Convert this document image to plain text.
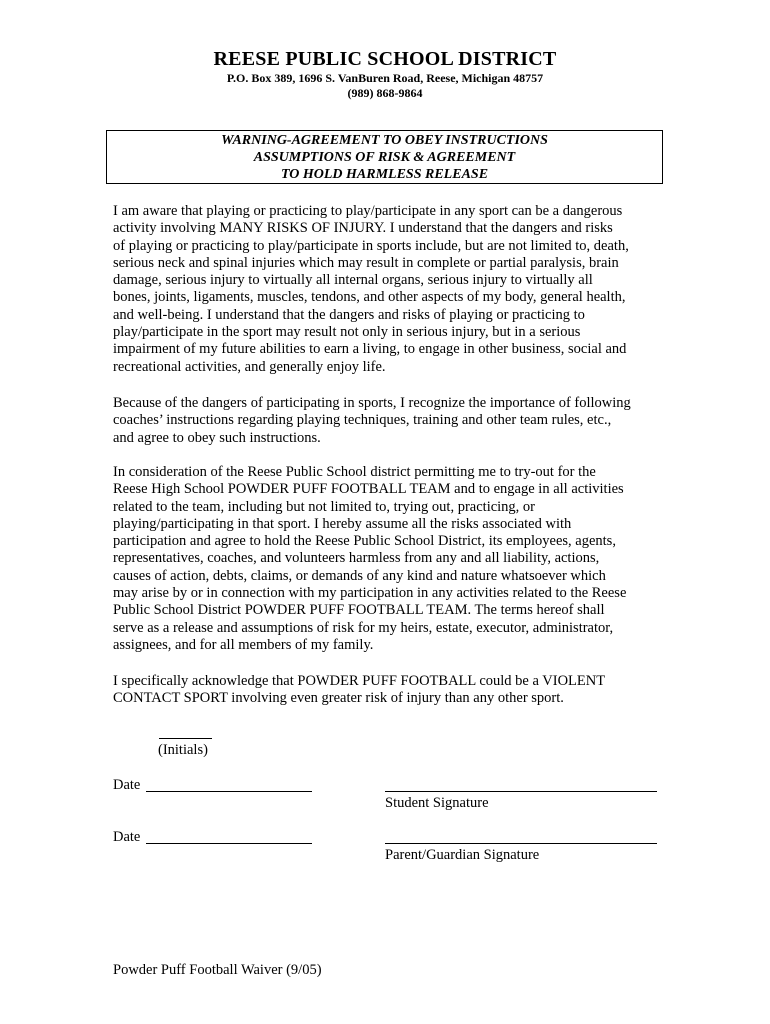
REESE PUBLIC SCHOOL DISTRICT
P.O. Box 389, 1696 S. VanBuren Road, Reese, Michigan 48757
(989) 868-9864
WARNING-AGREEMENT TO OBEY INSTRUCTIONS
ASSUMPTIONS OF RISK & AGREEMENT
TO HOLD HARMLESS RELEASE
I am aware that playing or practicing to play/participate in any sport can be a dangerous
activity involving MANY RISKS OF INJURY. I understand that the dangers and risks
of playing or practicing to play/participate in sports include, but are not limited to, death,
serious neck and spinal injuries which may result in complete or partial paralysis, brain
damage, serious injury to virtually all internal organs, serious injury to virtually all
bones, joints, ligaments, muscles, tendons, and other aspects of my body, general health,
and well-being. I understand that the dangers and risks of playing or practicing to
play/participate in the sport may result not only in serious injury, but in a serious
impairment of my future abilities to earn a living, to engage in other business, social and
recreational activities, and generally enjoy life.
Because of the dangers of participating in sports, I recognize the importance of following
coaches’ instructions regarding playing techniques, training and other team rules, etc.,
and agree to obey such instructions.
In consideration of the Reese Public School district permitting me to try-out for the
Reese High School POWDER PUFF FOOTBALL TEAM and to engage in all activities
related to the team, including but not limited to, trying out, practicing, or
playing/participating in that sport. I hereby assume all the risks associated with
participation and agree to hold the Reese Public School District, its employees, agents,
representatives, coaches, and volunteers harmless from any and all liability, actions,
causes of action, debts, claims, or demands of any kind and nature whatsoever which
may arise by or in connection with my participation in any activities related to the Reese
Public School District POWDER PUFF FOOTBALL TEAM. The terms hereof shall
serve as a release and assumptions of risk for my heirs, estate, executor, administrator,
assignees, and for all members of my family.
I specifically acknowledge that POWDER PUFF FOOTBALL could be a VIOLENT
CONTACT SPORT involving even greater risk of injury than any other sport.
(Initials)
Date
Student Signature
Date
Parent/Guardian Signature
Powder Puff Football Waiver (9/05)
